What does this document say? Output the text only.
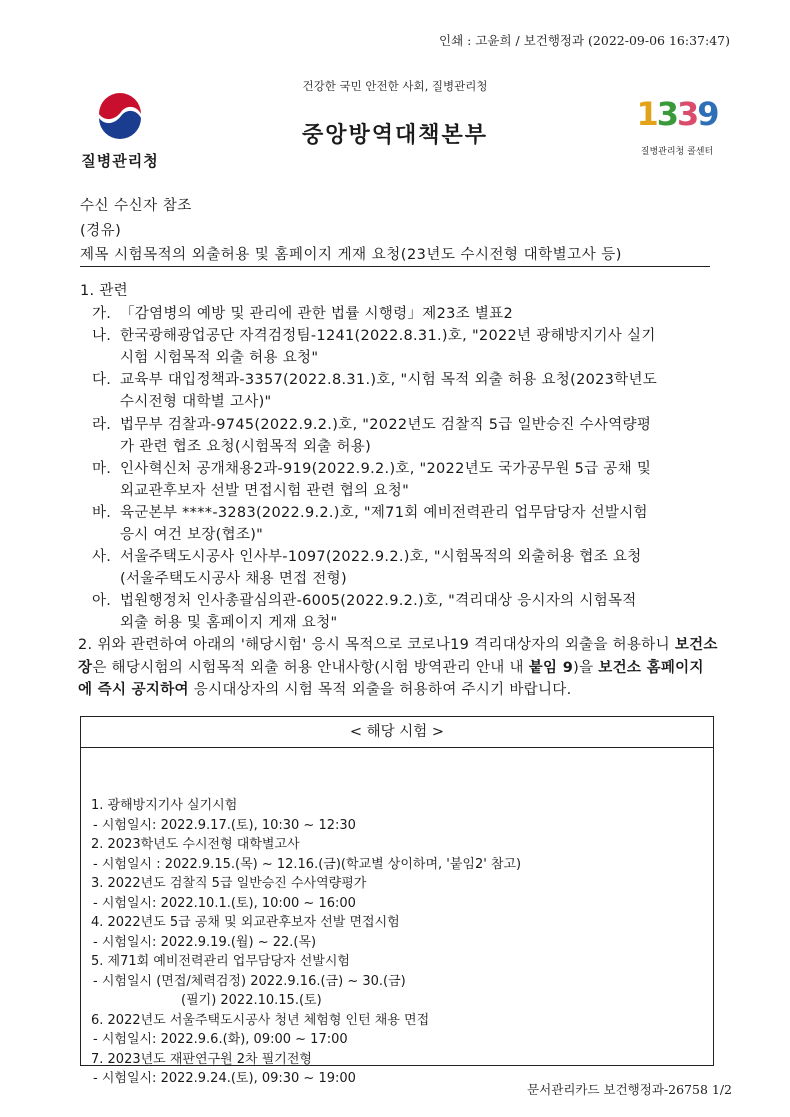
인쇄 : 고윤희 / 보건행정과 (2022-09-06 16:37:47)
건강한 국민 안전한 사회, 질병관리청
질병관리청
중앙방역대책본부
1339
질병관리청 콜센터
수신 수신자 참조
(경유)
제목 시험목적의 외출허용 및 홈페이지 게재 요청(23년도 수시전형 대학별고사 등)
1. 관련
가. 「감염병의 예방 및 관리에 관한 법률 시행령」제23조 별표2
나. 한국광해광업공단 자격검정팀-1241(2022.8.31.)호, "2022년 광해방지기사 실기
시험 시험목적 외출 허용 요청"
다. 교육부 대입정책과-3357(2022.8.31.)호, "시험 목적 외출 허용 요청(2023학년도
수시전형 대학별 고사)"
라. 법무부 검찰과-9745(2022.9.2.)호, "2022년도 검찰직 5급 일반승진 수사역량평
가 관련 협조 요청(시험목적 외출 허용)
마. 인사혁신처 공개채용2과-919(2022.9.2.)호, "2022년도 국가공무원 5급 공채 및
외교관후보자 선발 면접시험 관련 협의 요청"
바. 육군본부 ****-3283(2022.9.2.)호, "제71회 예비전력관리 업무담당자 선발시험
응시 여건 보장(협조)"
사. 서울주택도시공사 인사부-1097(2022.9.2.)호, "시험목적의 외출허용 협조 요청
(서울주택도시공사 채용 면접 전형)
아. 법원행정처 인사총괄심의관-6005(2022.9.2.)호, "격리대상 응시자의 시험목적
외출 허용 및 홈페이지 게재 요청"
2. 위와 관련하여 아래의 '해당시험' 응시 목적으로 코로나19 격리대상자의 외출을 허용하니 보건소장은 해당시험의 시험목적 외출 허용 안내사항(시험 방역관리 안내 내 붙임 9)을 보건소 홈페이지에 즉시 공지하여 응시대상자의 시험 목적 외출을 허용하여 주시기 바랍니다.
< 해당 시험 >
1. 광해방지기사 실기시험
- 시험일시: 2022.9.17.(토), 10:30 ~ 12:30
2. 2023학년도 수시전형 대학별고사
- 시험일시 : 2022.9.15.(목) ~ 12.16.(금)(학교별 상이하며, '붙임2' 참고)
3. 2022년도 검찰직 5급 일반승진 수사역량평가
- 시험일시: 2022.10.1.(토), 10:00 ~ 16:00
4. 2022년도 5급 공채 및 외교관후보자 선발 면접시험
- 시험일시: 2022.9.19.(월) ~ 22.(목)
5. 제71회 예비전력관리 업무담당자 선발시험
- 시험일시 (면접/체력검정) 2022.9.16.(금) ~ 30.(금)
(필기) 2022.10.15.(토)
6. 2022년도 서울주택도시공사 청년 체험형 인턴 채용 면접
- 시험일시: 2022.9.6.(화), 09:00 ~ 17:00
7. 2023년도 재판연구원 2차 필기전형
- 시험일시: 2022.9.24.(토), 09:30 ~ 19:00
문서관리카드 보건행정과-26758 1/2
